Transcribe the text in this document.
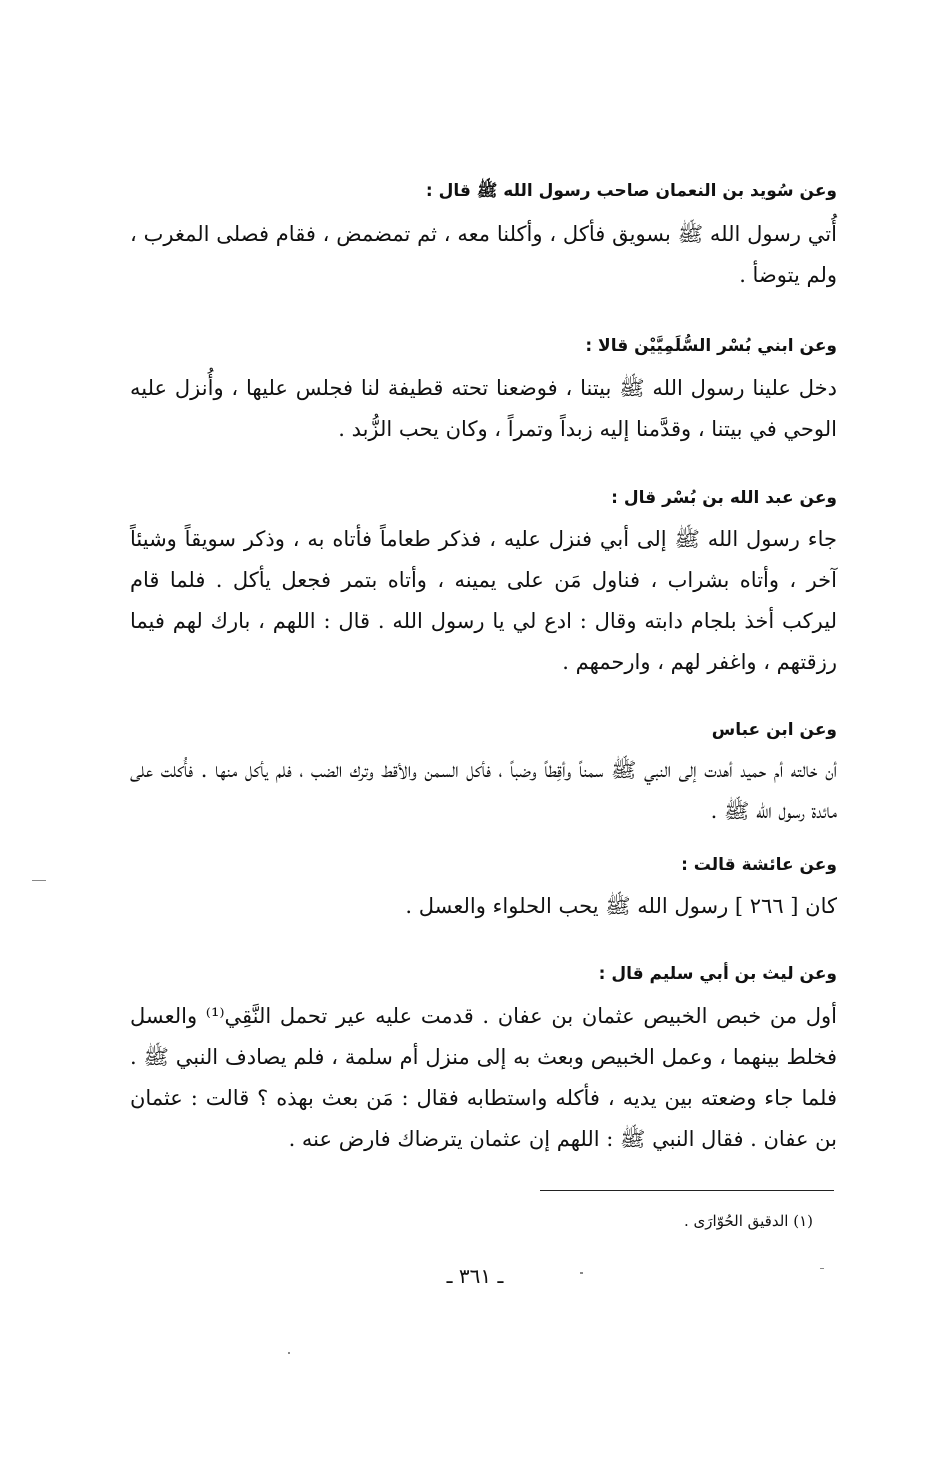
وعن سُويد بن النعمان صاحب رسول الله ﷺ قال :
أُتي رسول الله ﷺ بسويق فأكل ، وأكلنا معه ، ثم تمضمض ، فقام فصلى المغرب ، ولم يتوضأ .
وعن ابني بُسْر السُّلَمِيَّيْن قالا :
دخل علينا رسول الله ﷺ بيتنا ، فوضعنا تحته قطيفة لنا فجلس عليها ، وأُنزل عليه الوحي في بيتنا ، وقدَّمنا إليه زبداً وتمراً ، وكان يحب الزُّبد .
وعن عبد الله بن بُسْر قال :
جاء رسول الله ﷺ إلى أبي فنزل عليه ، فذكر طعاماً فأتاه به ، وذكر سويقاً وشيئاً آخر ، وأتاه بشراب ، فناول مَن على يمينه ، وأتاه بتمر فجعل يأكل . فلما قام ليركب أخذ بلجام دابته وقال : ادع لي يا رسول الله . قال : اللهم ، بارك لهم فيما رزقتهم ، واغفر لهم ، وارحمهم .
وعن ابن عباس
أن خالته أم حميد أهدت إلى النبي ﷺ سمناً وأقِطاً وضباً ، فأكل السمن والأقط وترك الضب ، فلم يأكل منها . فأُكلت على مائدة رسول الله ﷺ .
وعن عائشة قالت :
كان [ ٢٦٦ ] رسول الله ﷺ يحب الحلواء والعسل .
وعن ليث بن أبي سليم قال :
أول من خبص الخبيص عثمان بن عفان . قدمت عليه عير تحمل النَّقِي⁽¹⁾ والعسل فخلط بينهما ، وعمل الخبيص وبعث به إلى منزل أم سلمة ، فلم يصادف النبي ﷺ . فلما جاء وضعته بين يديه ، فأكله واستطابه فقال : مَن بعث بهذه ؟ قالت : عثمان بن عفان . فقال النبي ﷺ : اللهم إن عثمان يترضاك فارض عنه .
(١) الدقيق الحُوّارَى .
ـ ٣٦١ ـ
